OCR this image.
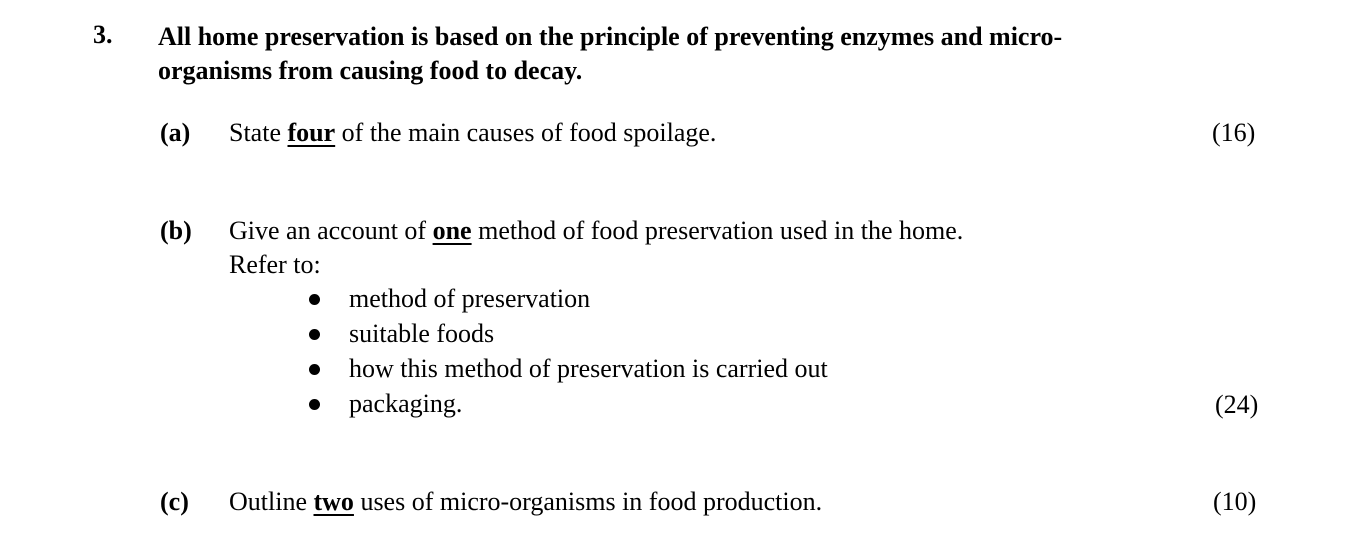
3. All home preservation is based on the principle of preventing enzymes and micro-
organisms from causing food to decay.
(a) State four of the main causes of food spoilage.	(16)
(b) Give an account of one method of food preservation used in the home.
Refer to:
method of preservation
suitable foods
how this method of preservation is carried out
packaging.	(24)
(c) Outline two uses of micro-organisms in food production.	(10)
